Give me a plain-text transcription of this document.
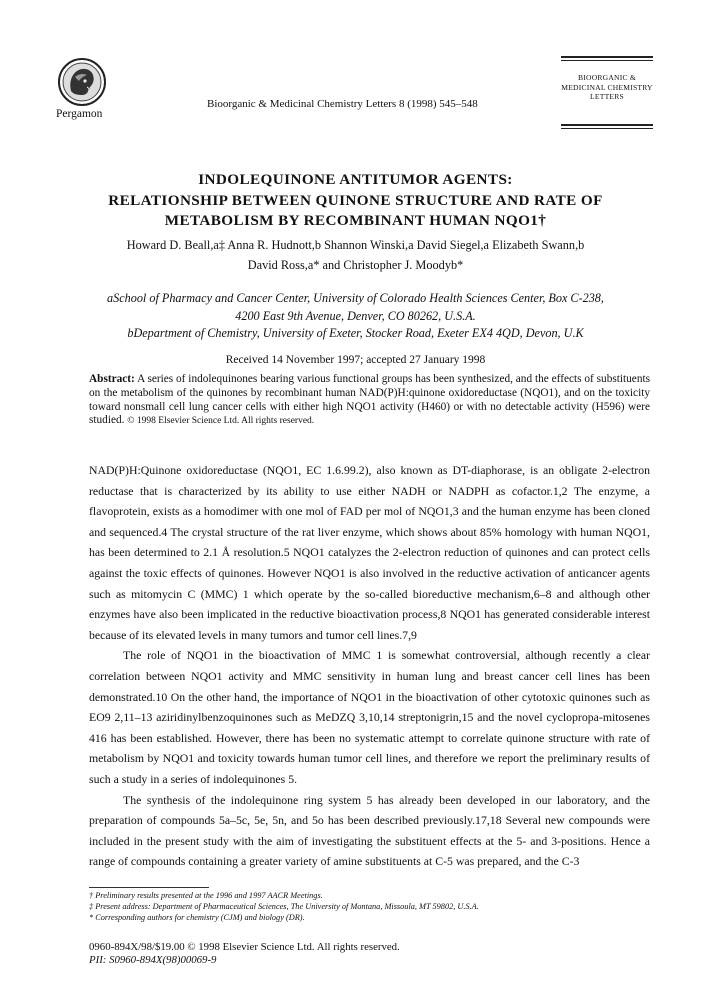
Pergamon
Bioorganic & Medicinal Chemistry Letters 8 (1998) 545–548
BIOORGANIC &
MEDICINAL CHEMISTRY
LETTERS
INDOLEQUINONE ANTITUMOR AGENTS:
RELATIONSHIP BETWEEN QUINONE STRUCTURE AND RATE OF
METABOLISM BY RECOMBINANT HUMAN NQO1†
Howard D. Beall,a‡ Anna R. Hudnott,b Shannon Winski,a David Siegel,a Elizabeth Swann,b
David Ross,a* and Christopher J. Moodyb*
aSchool of Pharmacy and Cancer Center, University of Colorado Health Sciences Center, Box C-238,
4200 East 9th Avenue, Denver, CO 80262, U.S.A.
bDepartment of Chemistry, University of Exeter, Stocker Road, Exeter EX4 4QD, Devon, U.K
Received 14 November 1997; accepted 27 January 1998
Abstract: A series of indolequinones bearing various functional groups has been synthesized, and the effects of substituents on the metabolism of the quinones by recombinant human NAD(P)H:quinone oxidoreductase (NQO1), and on the toxicity toward nonsmall cell lung cancer cells with either high NQO1 activity (H460) or with no detectable activity (H596) were studied. © 1998 Elsevier Science Ltd. All rights reserved.

NAD(P)H:Quinone oxidoreductase (NQO1, EC 1.6.99.2), also known as DT-diaphorase, is an obligate 2-electron reductase that is characterized by its ability to use either NADH or NADPH as cofactor.1,2 The enzyme, a flavoprotein, exists as a homodimer with one mol of FAD per mol of NQO1,3 and the human enzyme has been cloned and sequenced.4 The crystal structure of the rat liver enzyme, which shows about 85% homology with human NQO1, has been determined to 2.1 Å resolution.5 NQO1 catalyzes the 2-electron reduction of quinones and can protect cells against the toxic effects of quinones. However NQO1 is also involved in the reductive activation of anticancer agents such as mitomycin C (MMC) 1 which operate by the so-called bioreductive mechanism,6–8 and although other enzymes have also been implicated in the reductive bioactivation process,8 NQO1 has generated considerable interest because of its elevated levels in many tumors and tumor cell lines.7,9

The role of NQO1 in the bioactivation of MMC 1 is somewhat controversial, although recently a clear correlation between NQO1 activity and MMC sensitivity in human lung and breast cancer cell lines has been demonstrated.10 On the other hand, the importance of NQO1 in the bioactivation of other cytotoxic quinones such as EO9 2,11–13 aziridinylbenzoquinones such as MeDZQ 3,10,14 streptonigrin,15 and the novel cyclopropa-mitosenes 416 has been established. However, there has been no systematic attempt to correlate quinone structure with rate of metabolism by NQO1 and toxicity towards human tumor cell lines, and therefore we report the preliminary results of such a study in a series of indolequinones 5.

The synthesis of the indolequinone ring system 5 has already been developed in our laboratory, and the preparation of compounds 5a–5c, 5e, 5n, and 5o has been described previously.17,18 Several new compounds were included in the present study with the aim of investigating the substituent effects at the 5- and 3-positions. Hence a range of compounds containing a greater variety of amine substituents at C-5 was prepared, and the C-3

† Preliminary results presented at the 1996 and 1997 AACR Meetings.
‡ Present address: Department of Pharmaceutical Sciences, The University of Montana, Missoula, MT 59802, U.S.A.
* Corresponding authors for chemistry (CJM) and biology (DR).
0960-894X/98/$19.00 © 1998 Elsevier Science Ltd. All rights reserved.
PII: S0960-894X(98)00069-9
